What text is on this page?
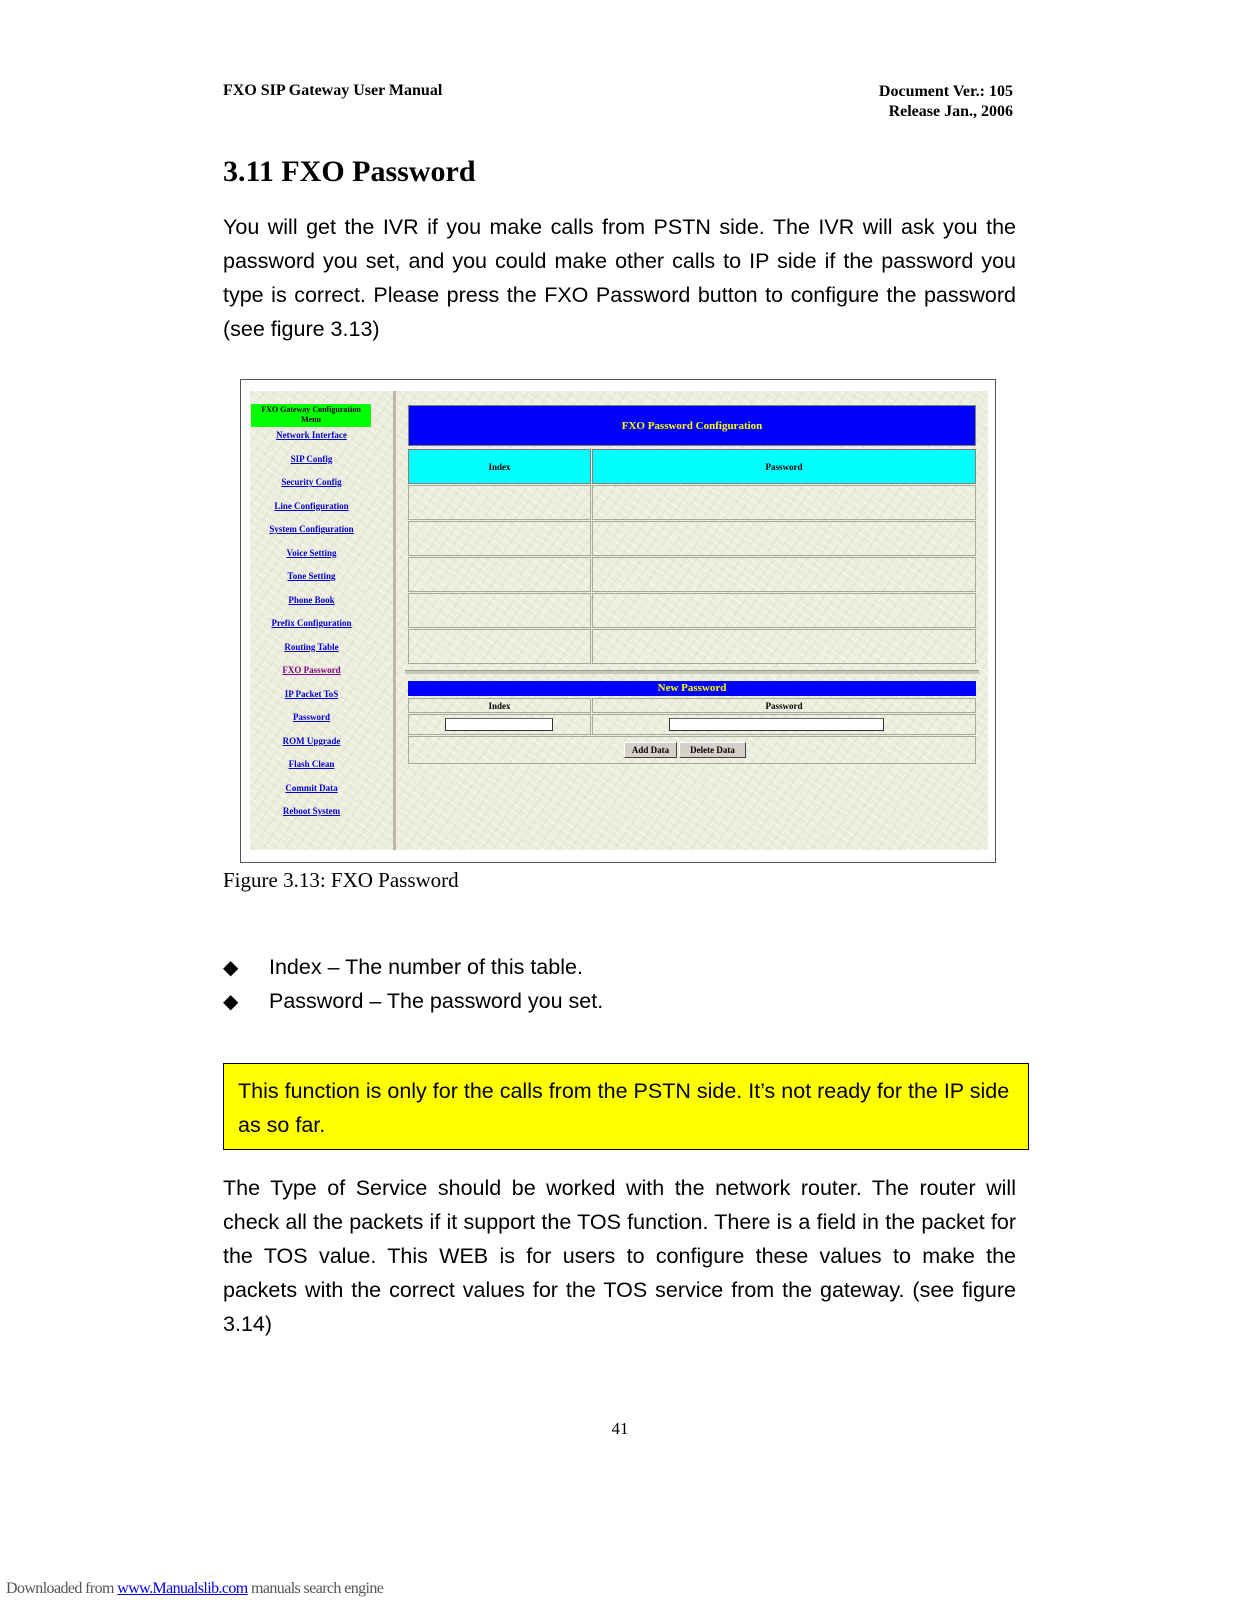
FXO SIP Gateway User Manual	Document Ver.: 105
Release Jan., 2006
3.11 FXO Password
You will get the IVR if you make calls from PSTN side. The IVR will ask you the password you set, and you could make other calls to IP side if the password you type is correct. Please press the FXO Password button to configure the password (see figure 3.13)
FXO Gateway Configuration Menu
Network Interface
SIP Config
Security Config
Line Configuration
System Configuration
Voice Setting
Tone Setting
Phone Book
Prefix Configuration
Routing Table
FXO Password
IP Packet ToS
Password
ROM Upgrade
Flash Clean
Commit Data
Reboot System
FXO Password Configuration
Index	Password
New Password
Index	Password
Add Data	Delete Data
Figure 3.13: FXO Password
◆ Index – The number of this table.
◆ Password – The password you set.
This function is only for the calls from the PSTN side. It’s not ready for the IP side as so far.
The Type of Service should be worked with the network router. The router will check all the packets if it support the TOS function. There is a field in the packet for the TOS value. This WEB is for users to configure these values to make the packets with the correct values for the TOS service from the gateway. (see figure 3.14)
41
Downloaded from www.Manualslib.com manuals search engine
